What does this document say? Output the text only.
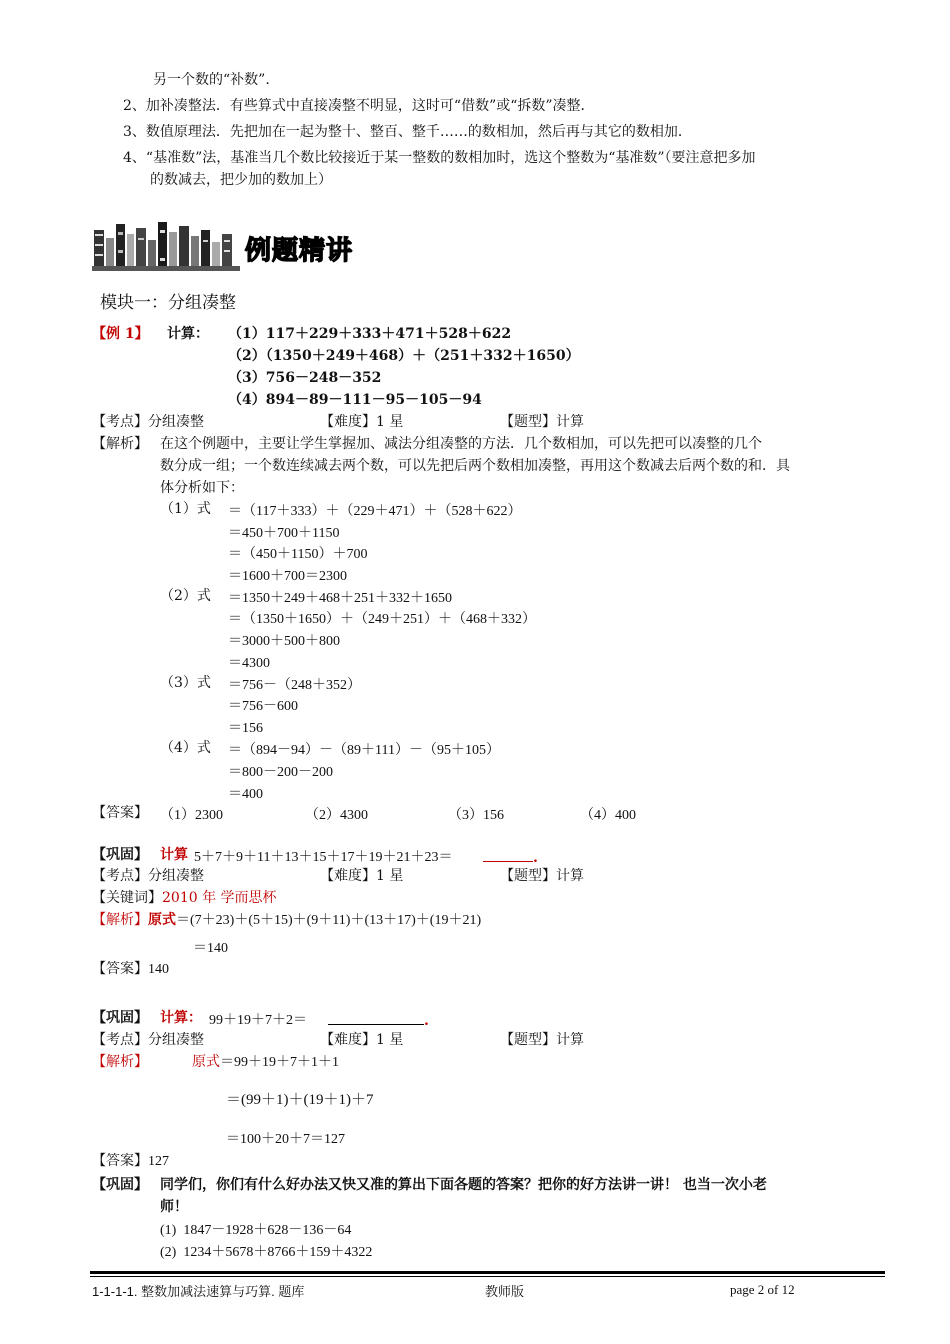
另一个数的“补数”.
2、加补凑整法．有些算式中直接凑整不明显，这时可“借数”或“拆数”凑整．
3、数值原理法．先把加在一起为整十、整百、整千……的数相加，然后再与其它的数相加．
4、“基准数”法，基准当几个数比较接近于某一整数的数相加时，选这个整数为“基准数”（要注意把多加
的数减去，把少加的数加上）
例题精讲
模块一：分组凑整
【例 1】 计算： （1）117＋229＋333＋471＋528＋622
（2）（1350＋249＋468）＋（251＋332＋1650）
（3）756－248－352
（4）894－89－111－95－105－94
【考点】分组凑整	【难度】1 星	【题型】计算
【解析】 在这个例题中，主要让学生掌握加、减法分组凑整的方法．几个数相加，可以先把可以凑整的几个
数分成一组；一个数连续减去两个数，可以先把后两个数相加凑整，再用这个数减去后两个数的和．具
体分析如下：
（1）式 ＝（117＋333）＋（229＋471）＋（528＋622）
＝450＋700＋1150
＝（450＋1150）＋700
＝1600＋700＝2300
（2）式 ＝1350＋249＋468＋251＋332＋1650
＝（1350＋1650）＋（249＋251）＋（468＋332）
＝3000＋500＋800
＝4300
（3）式 ＝756－（248＋352）
＝756－600
＝156
（4）式 ＝（894－94）－（89＋111）－（95＋105）
＝800－200－200
＝400
【答案】 （1）2300	（2）4300	（3）156	（4）400
【巩固】 计算 5＋7＋9＋11＋13＋15＋17＋19＋21＋23＝	.
【考点】分组凑整	【难度】1 星	【题型】计算
【关键词】2010 年 学而思杯
【解析】原式＝(7＋23)＋(5＋15)＋(9＋11)＋(13＋17)＋(19＋21)
＝140
【答案】140
【巩固】 计算： 99＋19＋7＋2＝	.
【考点】分组凑整	【难度】1 星	【题型】计算
【解析】	原式＝99＋19＋7＋1＋1
＝(99＋1)＋(19＋1)＋7
＝100＋20＋7＝127
【答案】127
【巩固】 同学们，你们有什么好办法又快又准的算出下面各题的答案？把你的好方法讲一讲！ 也当一次小老
师！
(1) 1847－1928＋628－136－64
(2) 1234＋5678＋8766＋159＋4322
1-1-1-1. 整数加减法速算与巧算. 题库	教师版	page 2 of 12
